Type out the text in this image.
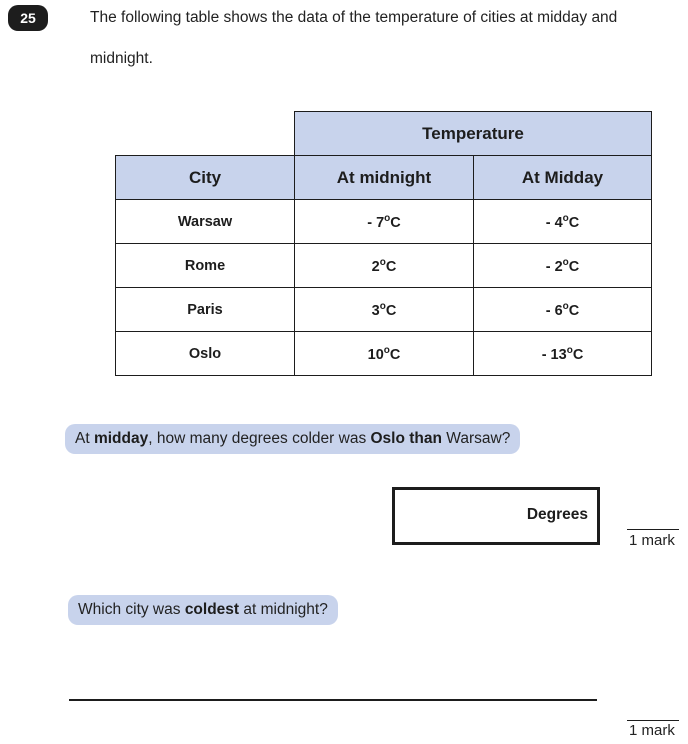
25	The following table shows the data of the temperature of cities at midday and
midnight.
	Temperature	
City	At midnight	At Midday
Warsaw	- 7$^o$C	- 4$^o$C
Rome	2$^o$C	- 2$^o$C
Paris	3$^o$C	- 6$^o$C
Oslo	10$^o$C	- 13$^o$C
At midday, how many degrees colder was Oslo than Warsaw?
Degrees
1 mark
Which city was coldest at midnight?
1 mark
